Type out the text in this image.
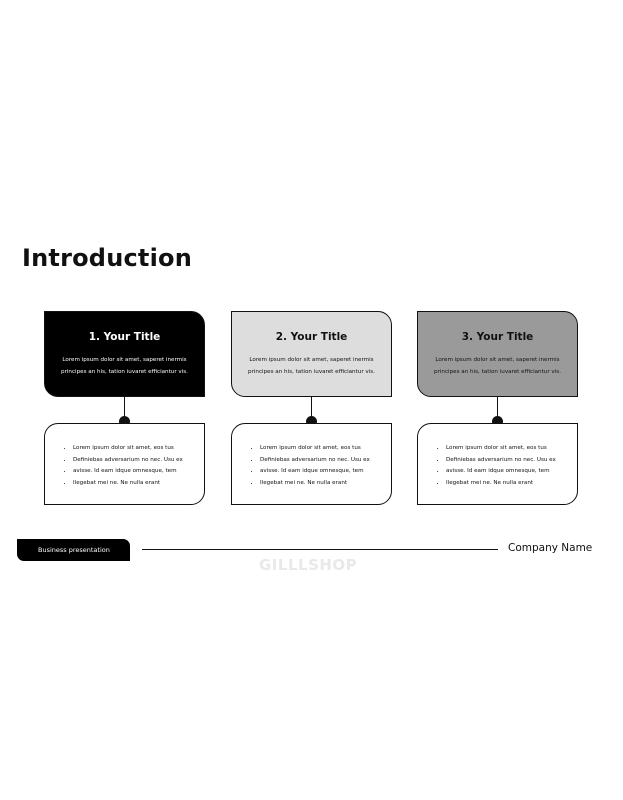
Introduction
1. Your Title
Lorem ipsum dolor sit amet, saperet inermis principes an his, tation iuvaret efficiantur vis.
• Lorem ipsum dolor sit amet, eos tus
• Definiebas adversarium no nec. Usu ex
• avisse. Id eam idque omnesque, tem
• Ilegebat mei ne. Ne nulla erant
2. Your Title
Lorem ipsum dolor sit amet, saperet inermis principes an his, tation iuvaret efficiantur vis.
• Lorem ipsum dolor sit amet, eos tus
• Definiebas adversarium no nec. Usu ex
• avisse. Id eam idque omnesque, tem
• Ilegebat mei ne. Ne nulla erant
3. Your Title
Lorem ipsum dolor sit amet, saperet inermis principes an his, tation iuvaret efficiantur vis.
• Lorem ipsum dolor sit amet, eos tus
• Definiebas adversarium no nec. Usu ex
• avisse. Id eam idque omnesque, tem
• Ilegebat mei ne. Ne nulla erant
Business presentation	Company Name
GILLLSHOP
